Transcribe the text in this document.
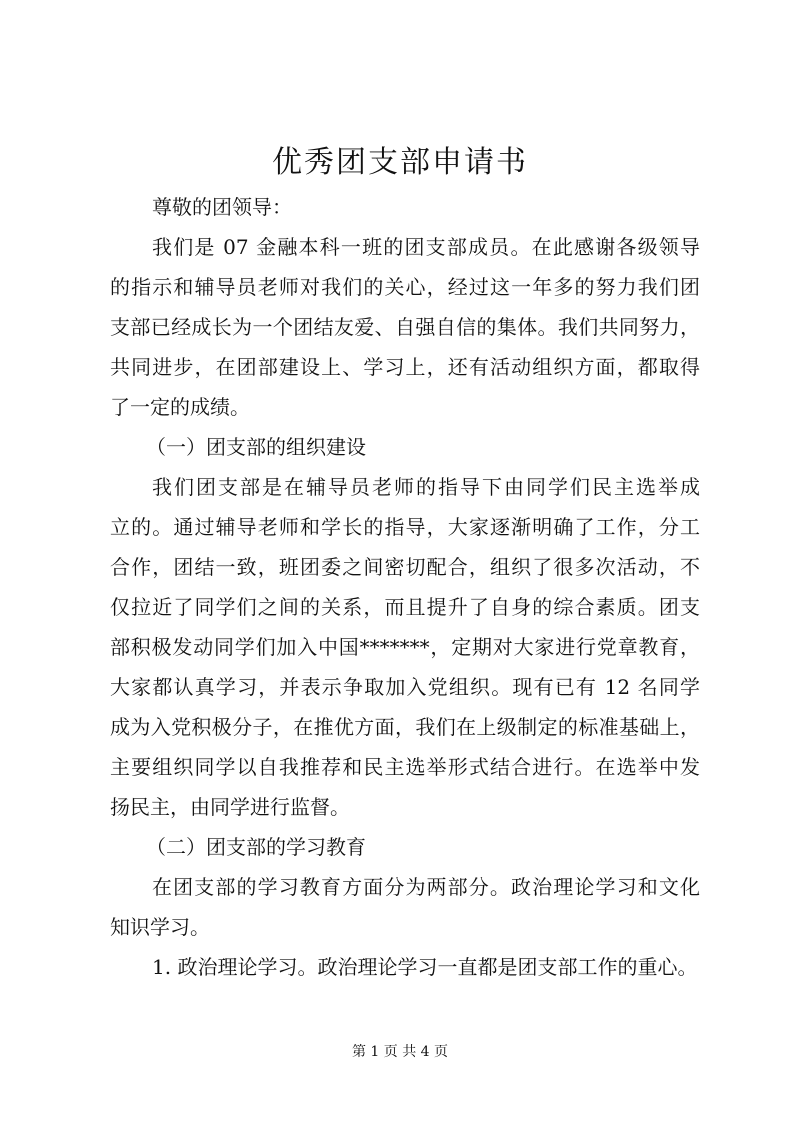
优秀团支部申请书
尊敬的团领导：
我们是 07 金融本科一班的团支部成员。在此感谢各级领导
的指示和辅导员老师对我们的关心，经过这一年多的努力我们团
支部已经成长为一个团结友爱、自强自信的集体。我们共同努力，
共同进步，在团部建设上、学习上，还有活动组织方面，都取得
了一定的成绩。
（一）团支部的组织建设
我们团支部是在辅导员老师的指导下由同学们民主选举成
立的。通过辅导老师和学长的指导，大家逐渐明确了工作，分工
合作，团结一致，班团委之间密切配合，组织了很多次活动，不
仅拉近了同学们之间的关系，而且提升了自身的综合素质。团支
部积极发动同学们加入中国*******，定期对大家进行党章教育，
大家都认真学习，并表示争取加入党组织。现有已有 12 名同学
成为入党积极分子，在推优方面，我们在上级制定的标准基础上，
主要组织同学以自我推荐和民主选举形式结合进行。在选举中发
扬民主，由同学进行监督。
（二）团支部的学习教育
在团支部的学习教育方面分为两部分。政治理论学习和文化
知识学习。
1. 政治理论学习。政治理论学习一直都是团支部工作的重心。
第 1 页 共 4 页
